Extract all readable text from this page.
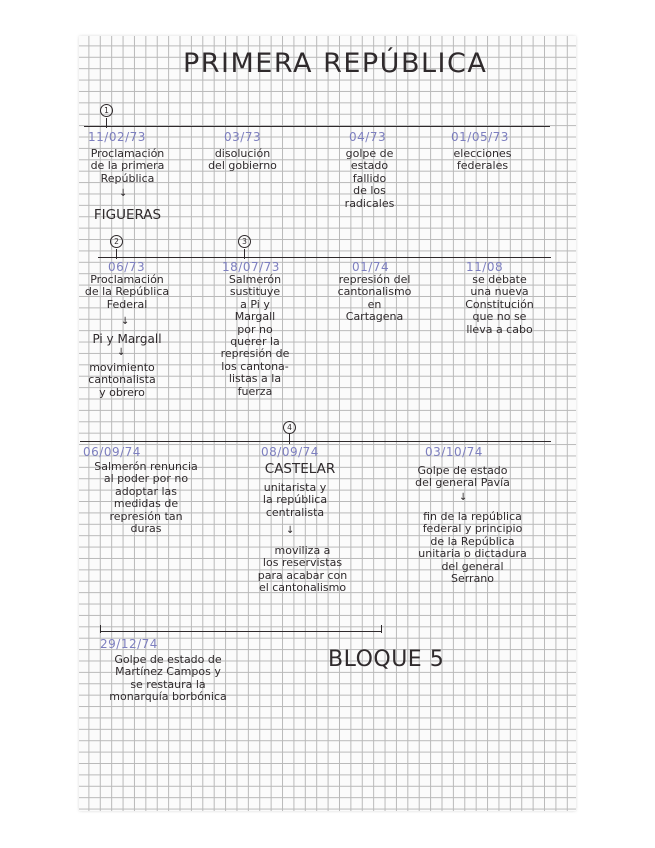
PRIMERA REPÚBLICA
1
11/02/73
Proclamación
de la primera
República
↓
FIGUERAS
03/73
disolución
del gobierno
04/73
golpe de
estado
fallido
de los
radicales
01/05/73
elecciones
federales
2	3
06/73
Proclamación
de la República
Federal
↓
Pi y Margall
↓
movimiento
cantonalista
y obrero
18/07/73
Salmerón
sustituye
a Pi y
Margall
por no
querer la
represión de
los cantona-
listas a la
fuerza
01/74
represión del
cantonalismo
en
Cartagena
11/08
se debate
una nueva
Constitución
que no se
lleva a cabo
4
06/09/74
Salmerón renuncia
al poder por no
adoptar las
medidas de
represión tan
duras
08/09/74
CASTELAR
unitarista y
la república
centralista
↓
moviliza a
los reservistas
para acabar con
el cantonalismo
03/10/74
Golpe de estado
del general Pavía
↓
fin de la república
federal y principio
de la República
unitaria o dictadura
del general
Serrano
29/12/74
Golpe de estado de
Martínez Campos y
se restaura la
monarquía borbónica
BLOQUE 5
